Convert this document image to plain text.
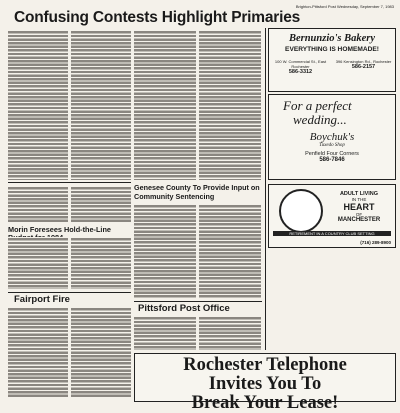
Brighton-Pittsford Post Wednesday, September 7, 1983
Confusing Contests Highlight Primaries
Genesee County To Provide Input on Community Sentencing
Morin Foresees Hold-the-Line
Fairport Fire
Pittsford Post Office
Bernunzio's Bakery
EVERYTHING IS HOMEMADE!
100 W. Commercial St., East Rochester
586-3312
396 Kensington Rd., Rochester
586-2157
For a perfect
wedding...
Boychuk's
Tuxedo Shop
Penfield Four Corners
586-7846
ADULT LIVING
IN THE
HEART
OF
MANCHESTER
RETIREMENT IN A COUNTRY CLUB SETTING
(716) 289-8900
Rochester Telephone
Invites You To
Break Your Lease!
